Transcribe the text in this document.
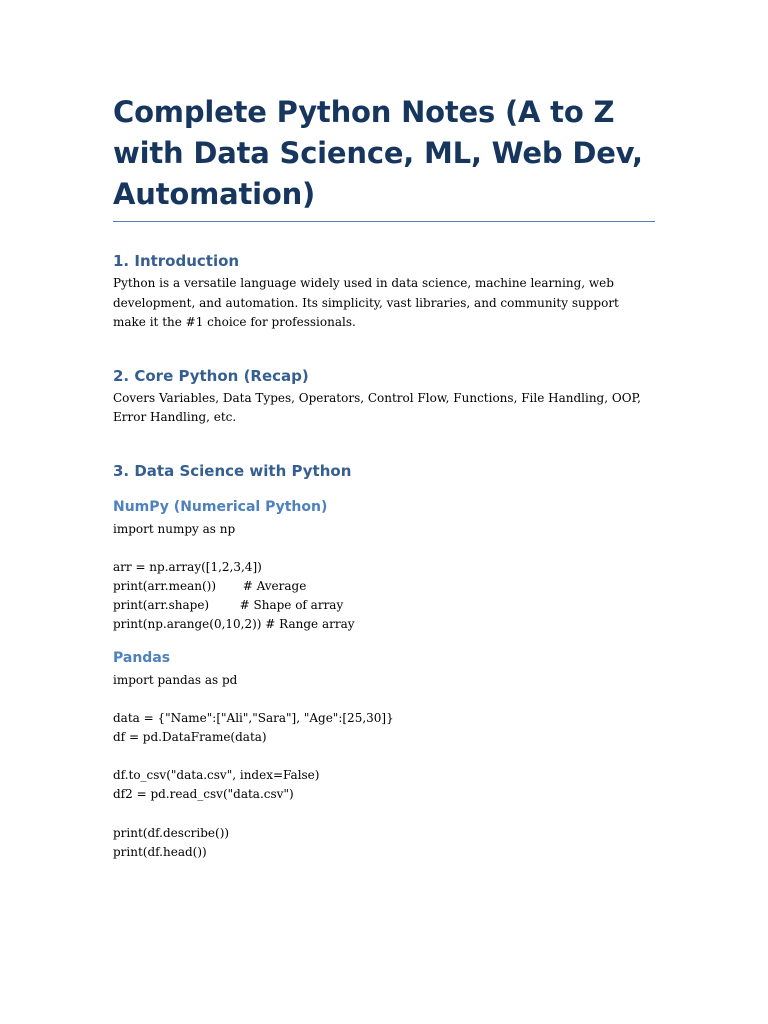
Complete Python Notes (A to Z with Data Science, ML, Web Dev, Automation)
1. Introduction

Python is a versatile language widely used in data science, machine learning, web development, and automation. Its simplicity, vast libraries, and community support make it the #1 choice for professionals.

2. Core Python (Recap)

Covers Variables, Data Types, Operators, Control Flow, Functions, File Handling, OOP, Error Handling, etc.

3. Data Science with Python
NumPy (Numerical Python)
import numpy as np
arr = np.array([1,2,3,4])
print(arr.mean())       # Average
print(arr.shape)        # Shape of array
print(np.arange(0,10,2)) # Range array
Pandas
import pandas as pd
data = {"Name":["Ali","Sara"], "Age":[25,30]}
df = pd.DataFrame(data)
df.to_csv("data.csv", index=False)
df2 = pd.read_csv("data.csv")
print(df.describe())
print(df.head())
